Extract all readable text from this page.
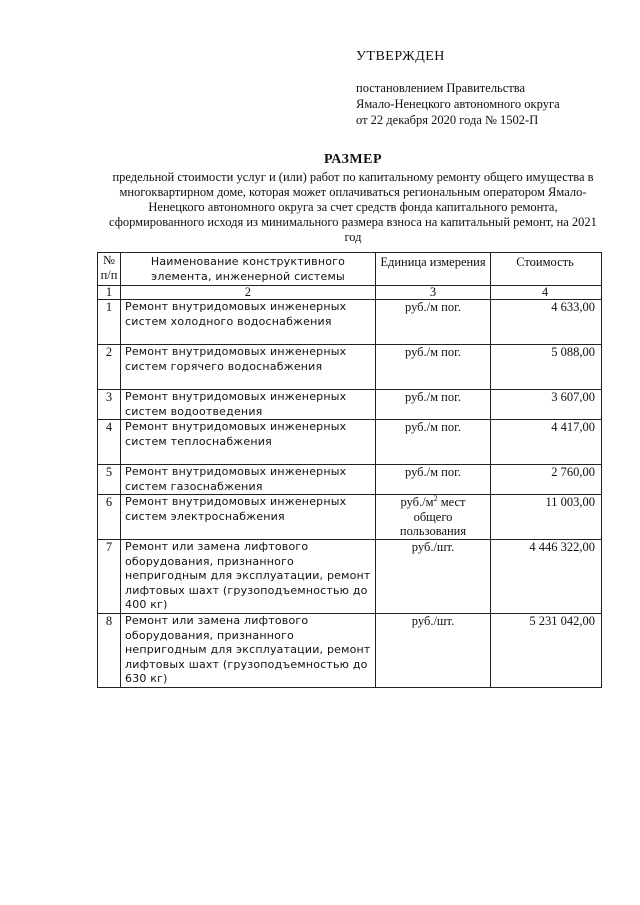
УТВЕРЖДЕН
постановлением Правительства
Ямало-Ненецкого автономного округа
от 22 декабря 2020 года № 1502-П
РАЗМЕР
предельной стоимости услуг и (или) работ по капитальному ремонту общего имущества в многоквартирном доме, которая может оплачиваться региональным оператором Ямало-Ненецкого автономного округа за счет средств фонда капитального ремонта, сформированного исходя из минимального размера взноса на капитальный ремонт, на 2021 год
№ п/п	Наименование конструктивного элемента, инженерной системы	Единица измерения	Стоимость
1	2	3	4
1	Ремонт внутридомовых инженерных систем холодного водоснабжения	руб./м пог.	4 633,00
2	Ремонт внутридомовых инженерных систем горячего водоснабжения	руб./м пог.	5 088,00
3	Ремонт внутридомовых инженерных систем водоотведения	руб./м пог.	3 607,00
4	Ремонт внутридомовых инженерных систем теплоснабжения	руб./м пог.	4 417,00
5	Ремонт внутридомовых инженерных систем газоснабжения	руб./м пог.	2 760,00
6	Ремонт внутридомовых инженерных систем электроснабжения	$руб./м^2$ мест общего пользования	11 003,00
7	Ремонт или замена лифтового оборудования, признанного непригодным для эксплуатации, ремонт лифтовых шахт (грузоподъемностью до 400 кг)	руб./шт.	4 446 322,00
8	Ремонт или замена лифтового оборудования, признанного непригодным для эксплуатации, ремонт лифтовых шахт (грузоподъемностью до 630 кг)	руб./шт.	5 231 042,00
